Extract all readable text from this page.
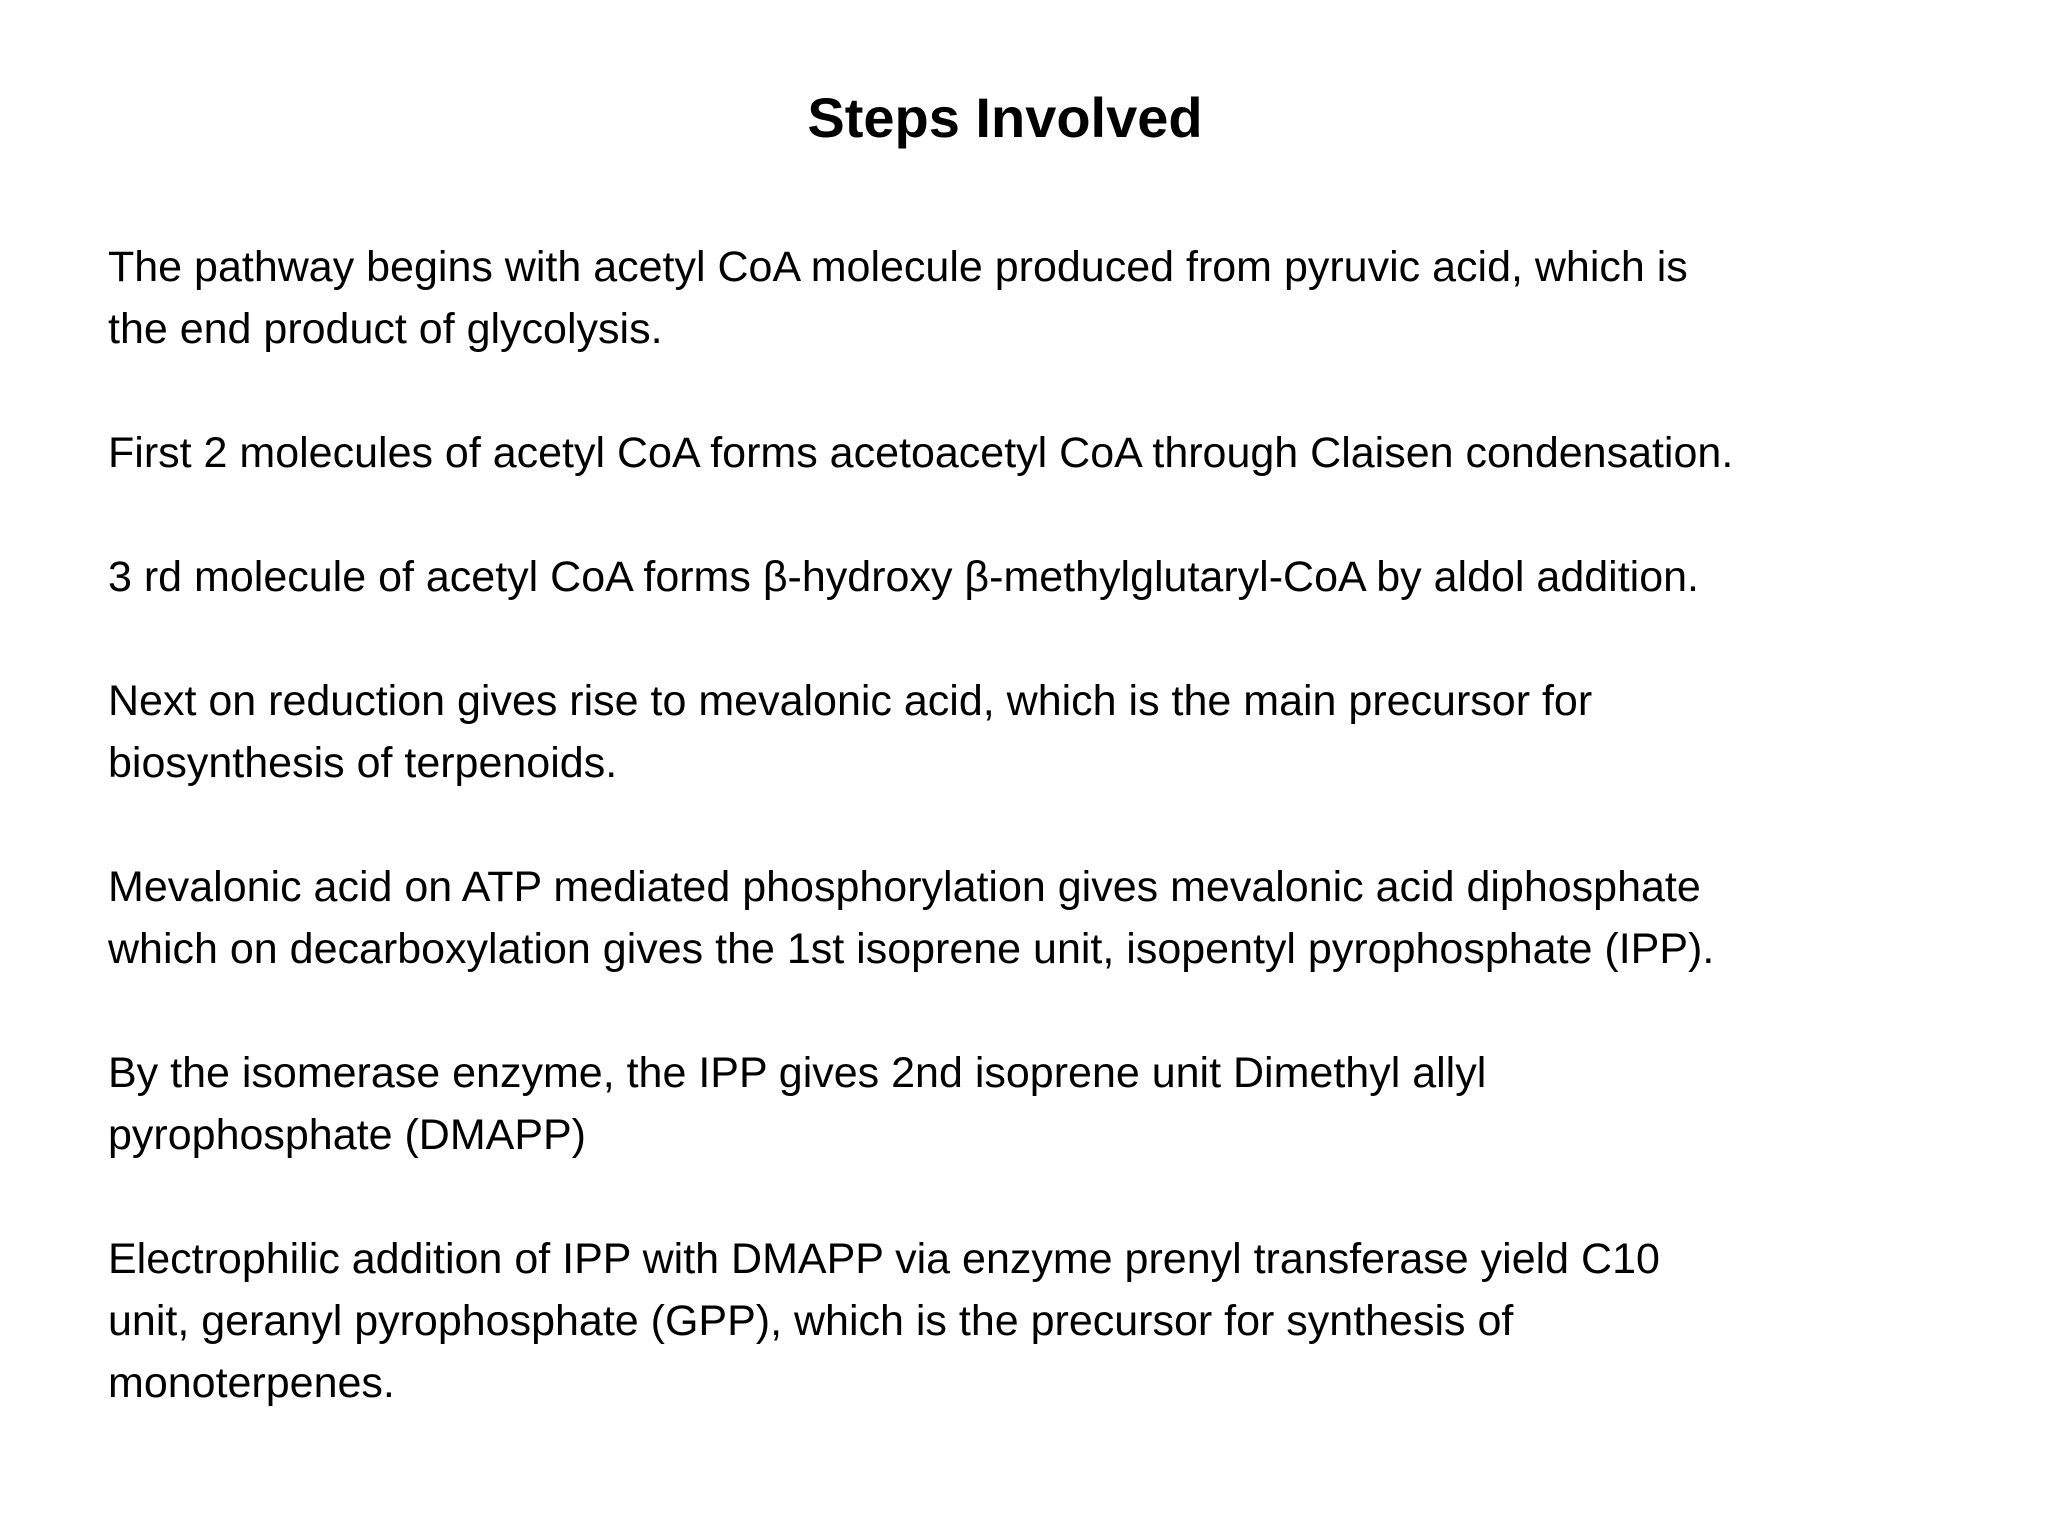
Steps Involved

The pathway begins with acetyl CoA molecule produced from pyruvic acid, which is
the end product of glycolysis.

First 2 molecules of acetyl CoA forms acetoacetyl CoA through Claisen condensation.

3 rd molecule of acetyl CoA forms β-hydroxy β-methylglutaryl-CoA by aldol addition.

Next on reduction gives rise to mevalonic acid, which is the main precursor for
biosynthesis of terpenoids.

Mevalonic acid on ATP mediated phosphorylation gives mevalonic acid diphosphate
which on decarboxylation gives the 1st isoprene unit, isopentyl pyrophosphate (IPP).

By the isomerase enzyme, the IPP gives 2nd isoprene unit Dimethyl allyl
pyrophosphate (DMAPP)

Electrophilic addition of IPP with DMAPP via enzyme prenyl transferase yield C10
unit, geranyl pyrophosphate (GPP), which is the precursor for synthesis of
monoterpenes.
